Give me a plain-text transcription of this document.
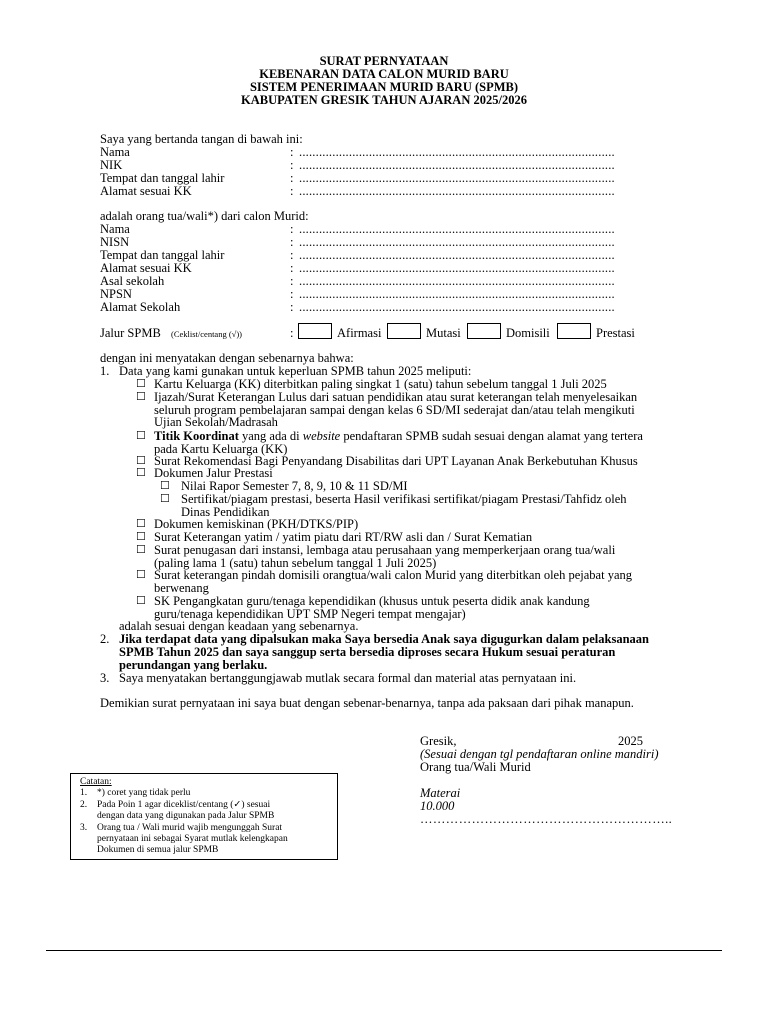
SURAT PERNYATAAN
KEBENARAN DATA CALON MURID BARU
SISTEM PENERIMAAN MURID BARU (SPMB)
KABUPATEN GRESIK TAHUN AJARAN 2025/2026
Saya yang bertanda tangan di bawah ini:
Nama	: ...............................................................................................
NIK	: ...............................................................................................
Tempat dan tanggal lahir	: ...............................................................................................
Alamat sesuai KK	: ...............................................................................................
adalah orang tua/wali*) dari calon Murid:
Nama	: ...............................................................................................
NISN	: ...............................................................................................
Tempat dan tanggal lahir	: ...............................................................................................
Alamat sesuai KK	: ...............................................................................................
Asal sekolah	: ...............................................................................................
NPSN	: ...............................................................................................
Alamat Sekolah	: ...............................................................................................
Jalur SPMB (Ceklist/centang (√))	:	Afirmasi	Mutasi	Domisili	Prestasi
dengan ini menyatakan dengan sebenarnya bahwa:
1. Data yang kami gunakan untuk keperluan SPMB tahun 2025 meliputi:
☐ Kartu Keluarga (KK) diterbitkan paling singkat 1 (satu) tahun sebelum tanggal 1 Juli 2025
☐ Ijazah/Surat Keterangan Lulus dari satuan pendidikan atau surat keterangan telah menyelesaikan
seluruh program pembelajaran sampai dengan kelas 6 SD/MI sederajat dan/atau telah mengikuti
Ujian Sekolah/Madrasah
☐ Titik Koordinat yang ada di website pendaftaran SPMB sudah sesuai dengan alamat yang tertera
pada Kartu Keluarga (KK)
☐ Surat Rekomendasi Bagi Penyandang Disabilitas dari UPT Layanan Anak Berkebutuhan Khusus
☐ Dokumen Jalur Prestasi
☐ Nilai Rapor Semester 7, 8, 9, 10 & 11 SD/MI
☐ Sertifikat/piagam prestasi, beserta Hasil verifikasi sertifikat/piagam Prestasi/Tahfidz oleh
Dinas Pendidikan
☐ Dokumen kemiskinan (PKH/DTKS/PIP)
☐ Surat Keterangan yatim / yatim piatu dari RT/RW asli dan / Surat Kematian
☐ Surat penugasan dari instansi, lembaga atau perusahaan yang memperkerjaan orang tua/wali
(paling lama 1 (satu) tahun sebelum tanggal 1 Juli 2025)
☐ Surat keterangan pindah domisili orangtua/wali calon Murid yang diterbitkan oleh pejabat yang
berwenang
☐ SK Pengangkatan guru/tenaga kependidikan (khusus untuk peserta didik anak kandung
guru/tenaga kependidikan UPT SMP Negeri tempat mengajar)
adalah sesuai dengan keadaan yang sebenarnya.
2. Jika terdapat data yang dipalsukan maka Saya bersedia Anak saya digugurkan dalam pelaksanaan
SPMB Tahun 2025 dan saya sanggup serta bersedia diproses secara Hukum sesuai peraturan
perundangan yang berlaku.
3. Saya menyatakan bertanggungjawab mutlak secara formal dan material atas pernyataan ini.
Demikian surat pernyataan ini saya buat dengan sebenar-benarnya, tanpa ada paksaan dari pihak manapun.
Gresik,	2025
(Sesuai dengan tgl pendaftaran online mandiri)
Orang tua/Wali Murid
Materai
10.000
…………………………………………………..
Catatan:
1. *) coret yang tidak perlu
2. Pada Poin 1 agar diceklist/centang (✓) sesuai
dengan data yang digunakan pada Jalur SPMB
3. Orang tua / Wali murid wajib mengunggah Surat
pernyataan ini sebagai Syarat mutlak kelengkapan
Dokumen di semua jalur SPMB
